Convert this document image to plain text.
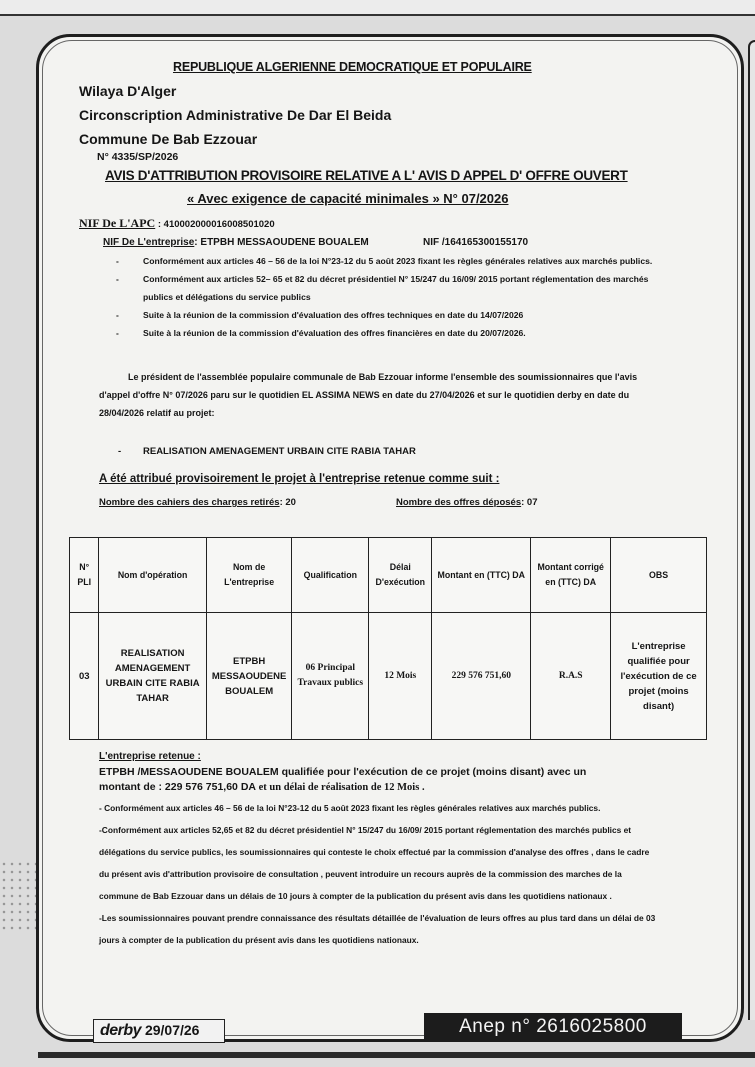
REPUBLIQUE ALGERIENNE DEMOCRATIQUE ET POPULAIRE
Wilaya D'Alger
Circonscription Administrative De Dar El Beida
Commune De Bab Ezzouar
N° 4335/SP/2026
AVIS D'ATTRIBUTION PROVISOIRE RELATIVE A L' AVIS D APPEL D' OFFRE OUVERT
« Avec exigence de capacité minimales » N° 07/2026
NIF De L'APC : 410002000016008501020
NIF De L'entreprise: ETPBH MESSAOUDENE BOUALEM	NIF /164165300155170
- Conformément aux articles 46 – 56 de la loi N°23-12 du 5 août 2023 fixant les règles générales relatives aux marchés publics.
- Conformément aux articles 52– 65 et 82 du décret présidentiel N° 15/247 du 16/09/ 2015 portant réglementation des marchés publics et délégations du service publics
- Suite à la réunion de la commission d'évaluation des offres techniques en date du 14/07/2026
- Suite à la réunion de la commission d'évaluation des offres financières en date du 20/07/2026.
Le président de l'assemblée populaire communale de Bab Ezzouar informe l'ensemble des soumissionnaires que l'avis d'appel d'offre N° 07/2026 paru sur le quotidien EL ASSIMA NEWS en date du 27/04/2026 et sur le quotidien derby en date du 28/04/2026 relatif au projet:
- REALISATION AMENAGEMENT URBAIN CITE RABIA TAHAR
A été attribué provisoirement le projet à l'entreprise retenue comme suit :
Nombre des cahiers des charges retirés: 20	Nombre des offres déposés: 07
N° PLI	Nom d'opération	Nom de L'entreprise	Qualification	Délai D'exécution	Montant en (TTC) DA	Montant corrigé en (TTC) DA	OBS
03	REALISATION AMENAGEMENT URBAIN CITE RABIA TAHAR	ETPBH MESSAOUDENE BOUALEM	06 Principal Travaux publics	12 Mois	229 576 751,60	R.A.S	L'entreprise qualifiée pour l'exécution de ce projet (moins disant)
L'entreprise retenue :
ETPBH /MESSAOUDENE BOUALEM qualifiée pour l'exécution de ce projet (moins disant) avec un
montant de : 229 576 751,60 DA et un délai de réalisation de 12 Mois .

- Conformément aux articles 46 – 56 de la loi N°23-12 du 5 août 2023 fixant les règles générales relatives aux marchés publics.

-Conformément aux articles 52,65 et 82 du décret présidentiel N° 15/247 du 16/09/ 2015 portant réglementation des marchés publics et délégations du service publics, les soumissionnaires qui conteste le choix effectué par la commission d'analyse des offres , dans le cadre du présent avis d'attribution provisoire de consultation , peuvent introduire un recours auprès de la commission des marches de la commune de Bab Ezzouar dans un délais de 10 jours à compter de la publication du présent avis dans les quotidiens nationaux .

-Les soumissionnaires pouvant prendre connaissance des résultats détaillée de l'évaluation de leurs offres au plus tard dans un délai de 03 jours à compter de la publication du présent avis dans les quotidiens nationaux.

derby 29/07/26	Anep n° 2616025800
